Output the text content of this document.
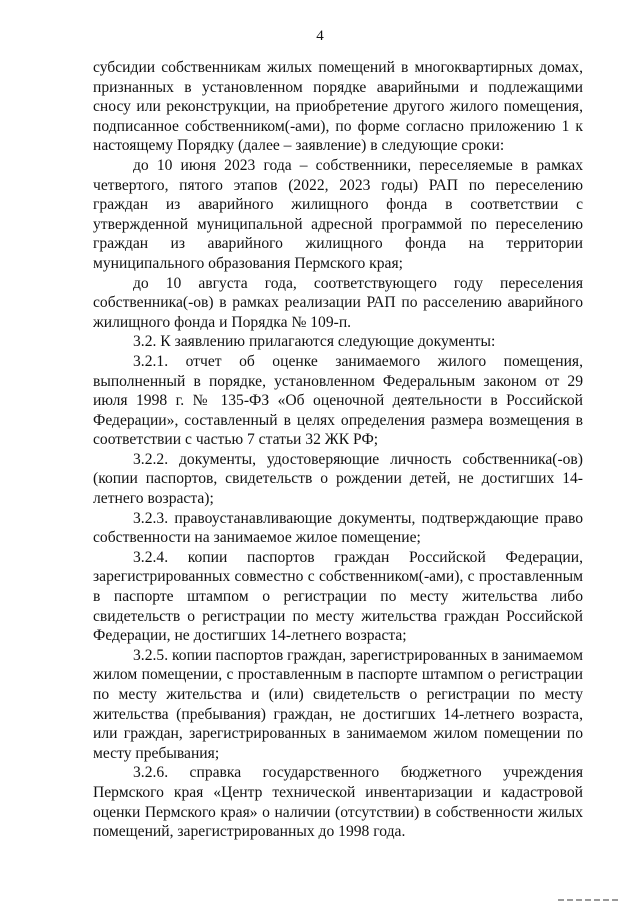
4

субсидии собственникам жилых помещений в многоквартирных домах, признанных в установленном порядке аварийными и подлежащими сносу или реконструкции, на приобретение другого жилого помещения, подписанное собственником(-ами), по форме согласно приложению 1 к настоящему Порядку (далее – заявление) в следующие сроки:

до 10 июня 2023 года – собственники, переселяемые в рамках четвертого, пятого этапов (2022, 2023 годы) РАП по переселению граждан из аварийного жилищного фонда в соответствии с утвержденной муниципальной адресной программой по переселению граждан из аварийного жилищного фонда на территории муниципального образования Пермского края;

до 10 августа года, соответствующего году переселения собственника(-ов) в рамках реализации РАП по расселению аварийного жилищного фонда и Порядка № 109-п.

3.2. К заявлению прилагаются следующие документы:

3.2.1. отчет об оценке занимаемого жилого помещения, выполненный в порядке, установленном Федеральным законом от 29 июля 1998 г. № 135-ФЗ «Об оценочной деятельности в Российской Федерации», составленный в целях определения размера возмещения в соответствии с частью 7 статьи 32 ЖК РФ;

3.2.2. документы, удостоверяющие личность собственника(-ов) (копии паспортов, свидетельств о рождении детей, не достигших 14-летнего возраста);

3.2.3. правоустанавливающие документы, подтверждающие право собственности на занимаемое жилое помещение;

3.2.4. копии паспортов граждан Российской Федерации, зарегистрированных совместно с собственником(-ами), с проставленным в паспорте штампом о регистрации по месту жительства либо свидетельств о регистрации по месту жительства граждан Российской Федерации, не достигших 14-летнего возраста;

3.2.5. копии паспортов граждан, зарегистрированных в занимаемом жилом помещении, с проставленным в паспорте штампом о регистрации по месту жительства и (или) свидетельств о регистрации по месту жительства (пребывания) граждан, не достигших 14-летнего возраста, или граждан, зарегистрированных в занимаемом жилом помещении по месту пребывания;

3.2.6. справка государственного бюджетного учреждения Пермского края «Центр технической инвентаризации и кадастровой оценки Пермского края» о наличии (отсутствии) в собственности жилых помещений, зарегистрированных до 1998 года.
